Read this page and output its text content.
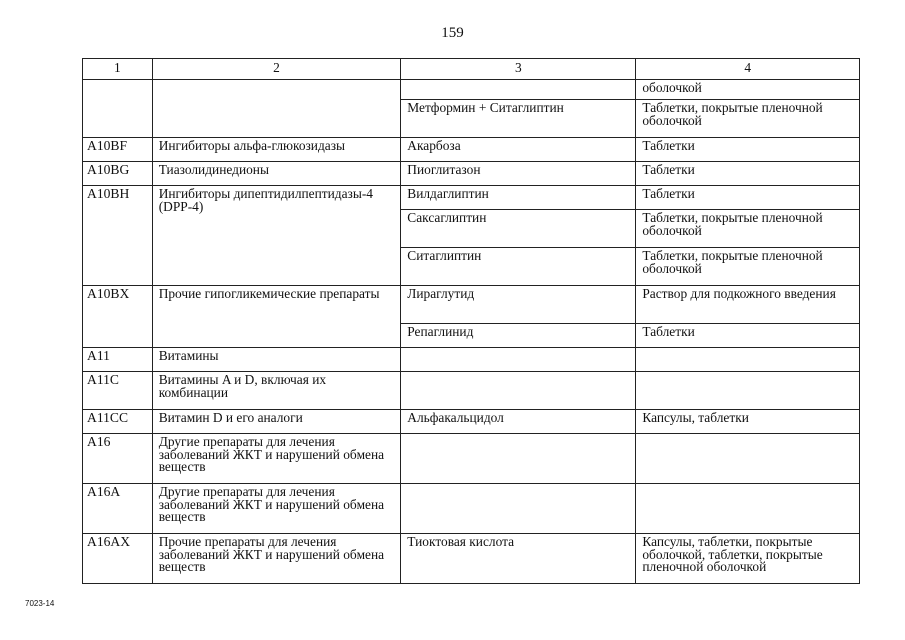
159
1	2	3	4
			оболочкой
		Метформин + Ситаглиптин	Таблетки, покрытые пленочной оболочкой
A10BF	Ингибиторы альфа-глюкозидазы	Акарбоза	Таблетки
A10BG	Тиазолидинедионы	Пиоглитазон	Таблетки
A10BH	Ингибиторы дипептидилпептидазы-4 (DPP-4)	Вилдаглиптин	Таблетки
		Саксаглиптин	Таблетки, покрытые пленочной оболочкой
		Ситаглиптин	Таблетки, покрытые пленочной оболочкой
A10BX	Прочие гипогликемические препараты	Лираглутид	Раствор для подкожного введения
		Репаглинид	Таблетки
A11	Витамины		
A11C	Витамины A и D, включая их комбинации		
A11CC	Витамин D и его аналоги	Альфакальцидол	Капсулы, таблетки
A16	Другие препараты для лечения заболеваний ЖКТ и нарушений обмена веществ		
A16A	Другие препараты для лечения заболеваний ЖКТ и нарушений обмена веществ		
A16AX	Прочие препараты для лечения заболеваний ЖКТ и нарушений обмена веществ	Тиоктовая кислота	Капсулы, таблетки, покрытые оболочкой, таблетки, покрытые пленочной оболочкой
7023-14
